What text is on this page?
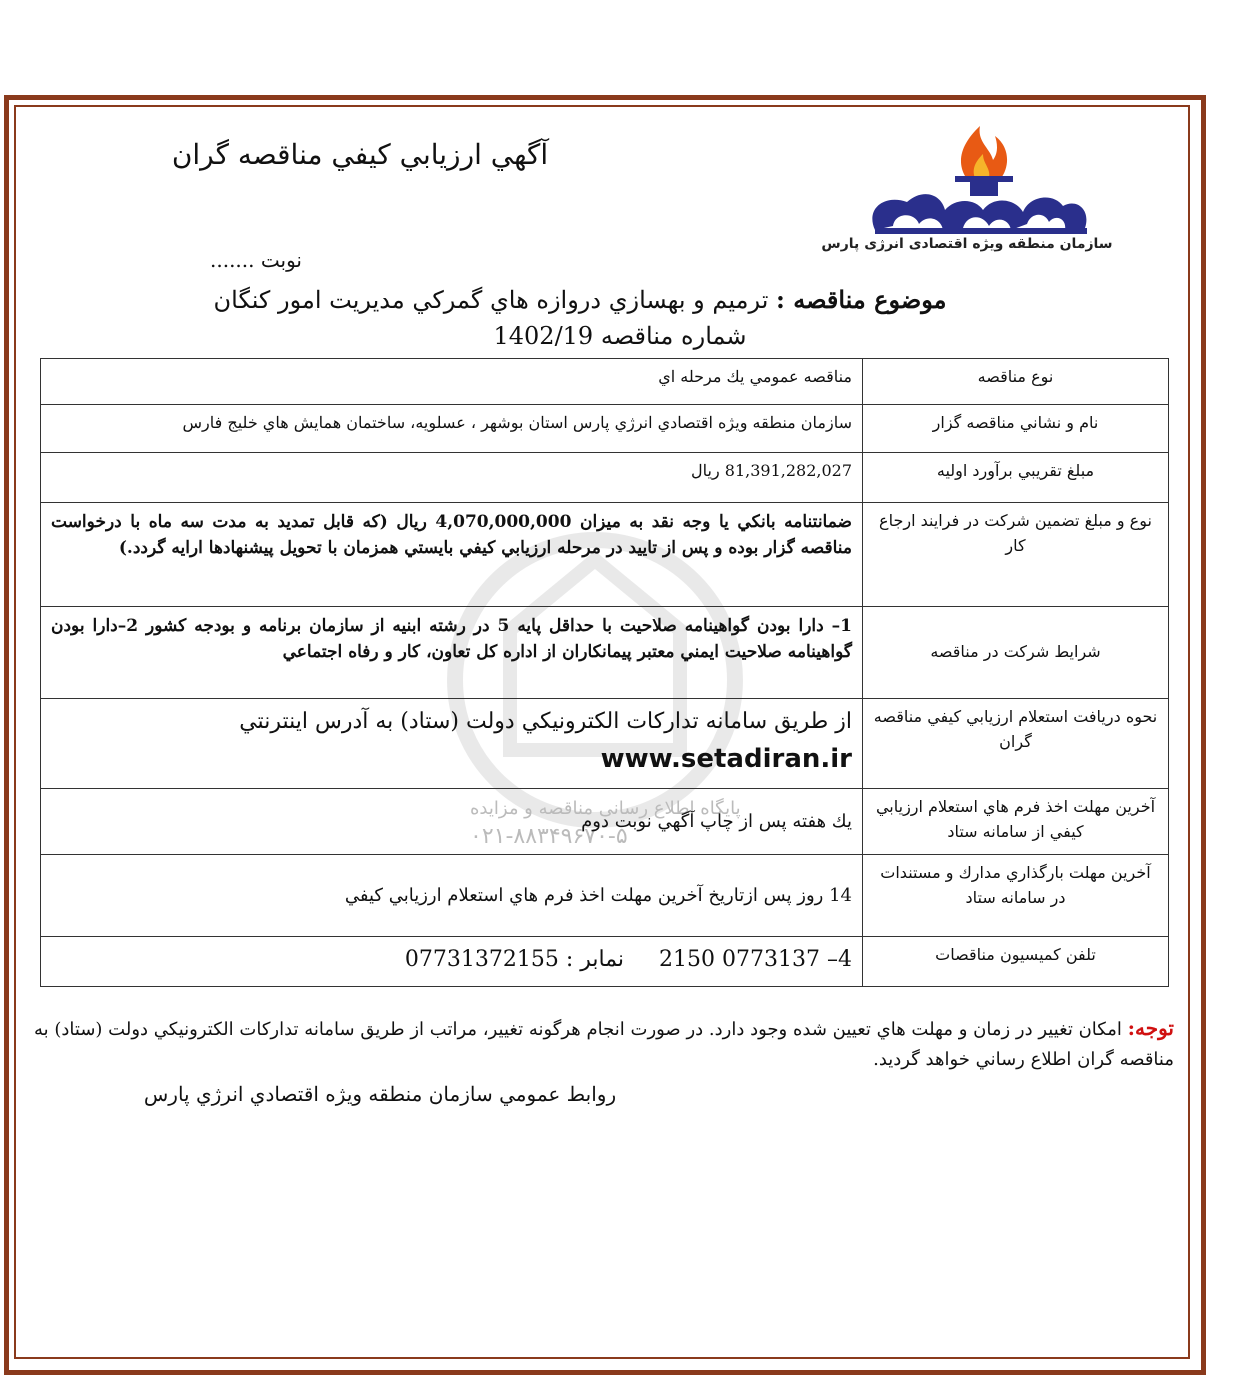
سازمان منطقه ویژه اقتصادی انرژی پارس
آگهي ارزيابي كيفي مناقصه گران
نوبت .......
موضوع مناقصه : ترميم و بهسازي دروازه هاي گمركي مديريت امور كنگان
شماره مناقصه 1402/19
پایگاه اطلاع رسانی مناقصه و مزایده
۰۲۱-۸۸۳۴۹۶۷۰-۵
نوع مناقصه	مناقصه عمومي يك مرحله اي
نام و نشاني مناقصه گزار	سازمان منطقه ويژه اقتصادي انرژي پارس استان بوشهر ، عسلويه، ساختمان همايش هاي خليج فارس
مبلغ تقريبي برآورد اوليه	81,391,282,027 ريال
نوع و مبلغ تضمين شركت در فرايند ارجاع كار	ضمانتنامه بانكي يا وجه نقد به ميزان 4,070,000,000 ريال (كه قابل تمديد به مدت سه ماه با درخواست مناقصه گزار بوده و پس از تاييد در مرحله ارزيابي كيفي بايستي همزمان با تحويل پيشنهادها ارايه گردد.)
شرايط شركت در مناقصه	1– دارا بودن گواهينامه صلاحيت با حداقل پايه 5 در رشته ابنيه از سازمان برنامه و بودجه كشور 2–دارا بودن گواهينامه صلاحيت ايمني معتبر پيمانكاران از اداره كل تعاون، كار و رفاه اجتماعي
نحوه دريافت استعلام ارزيابي كيفي مناقصه گران	از طريق سامانه تداركات الكترونيكي دولت (ستاد) به آدرس اينترنتي
www.setadiran.ir

آخرين مهلت اخذ فرم هاي استعلام ارزيابي كيفي از سامانه ستاد	يك هفته پس از چاپ آگهي نوبت دوم
آخرين مهلت بارگذاري مدارك و مستندات در سامانه ستاد	14 روز پس ازتاريخ آخرين مهلت اخذ فرم هاي استعلام ارزيابي كيفي
تلفن كميسيون مناقصات	4– 0773137 2150     نمابر : 07731372155
توجه: امكان تغيير در زمان و مهلت هاي تعيين شده وجود دارد. در صورت انجام هرگونه تغيير، مراتب از طريق سامانه تداركات الكترونيكي دولت (ستاد) به مناقصه گران اطلاع رساني خواهد گرديد.
روابط عمومي سازمان منطقه ويژه اقتصادي انرژي پارس
